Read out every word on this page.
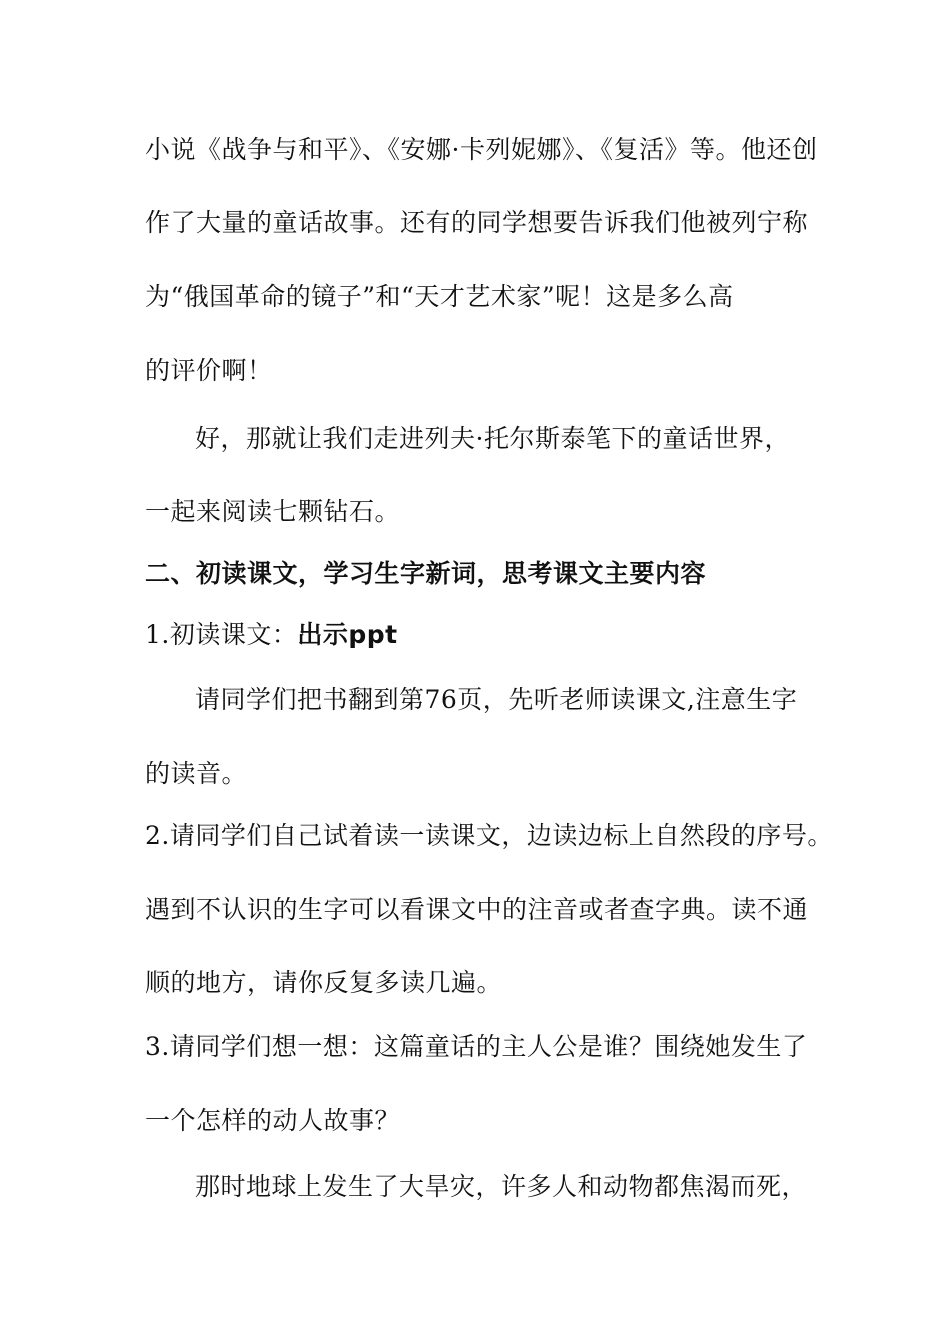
小说《战争与和平》、《安娜·卡列妮娜》、《复活》等。他还创
作了大量的童话故事。还有的同学想要告诉我们他被列宁称
为“俄国革命的镜子”和“天才艺术家”呢！这是多么高
的评价啊！
好，那就让我们走进列夫·托尔斯泰笔下的童话世界，
一起来阅读七颗钻石。
二、初读课文，学习生字新词，思考课文主要内容
1.初读课文：出示ppt
请同学们把书翻到第76页，先听老师读课文,注意生字
的读音。
2.请同学们自己试着读一读课文，边读边标上自然段的序号。
遇到不认识的生字可以看课文中的注音或者查字典。读不通
顺的地方，请你反复多读几遍。
3.请同学们想一想：这篇童话的主人公是谁？围绕她发生了
一个怎样的动人故事？
那时地球上发生了大旱灾，许多人和动物都焦渴而死，
